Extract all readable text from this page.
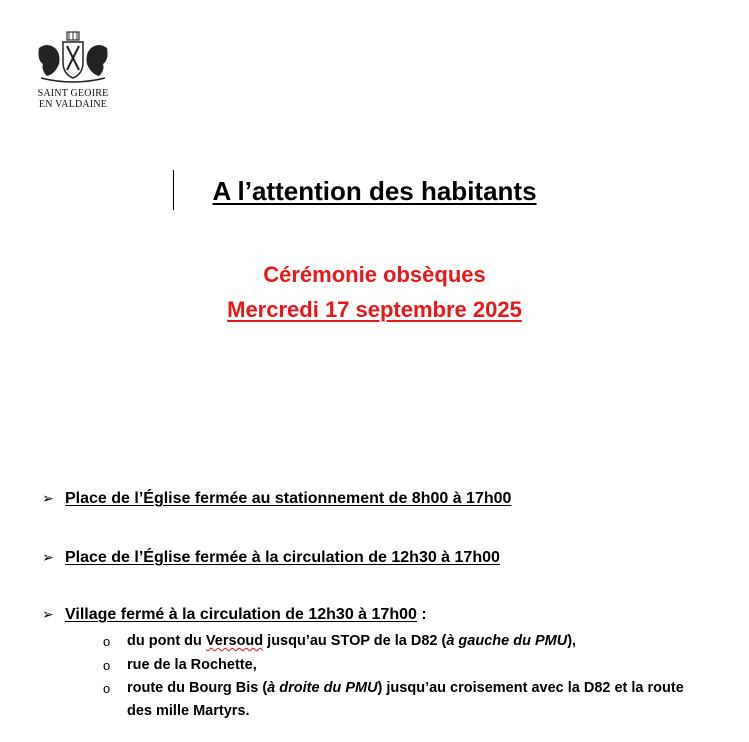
SAINT GEOIRE
EN VALDAINE
A l’attention des habitants
Cérémonie obsèques
Mercredi 17 septembre 2025
➢ Place de l’Église fermée au stationnement de 8h00 à 17h00
➢ Place de l’Église fermée à la circulation de 12h30 à 17h00
➢ Village fermé à la circulation de 12h30 à 17h00 :
o du pont du Versoud jusqu’au STOP de la D82 (à gauche du PMU),
o rue de la Rochette,
o route du Bourg Bis (à droite du PMU) jusqu’au croisement avec la D82 et la route des mille Martyrs.
